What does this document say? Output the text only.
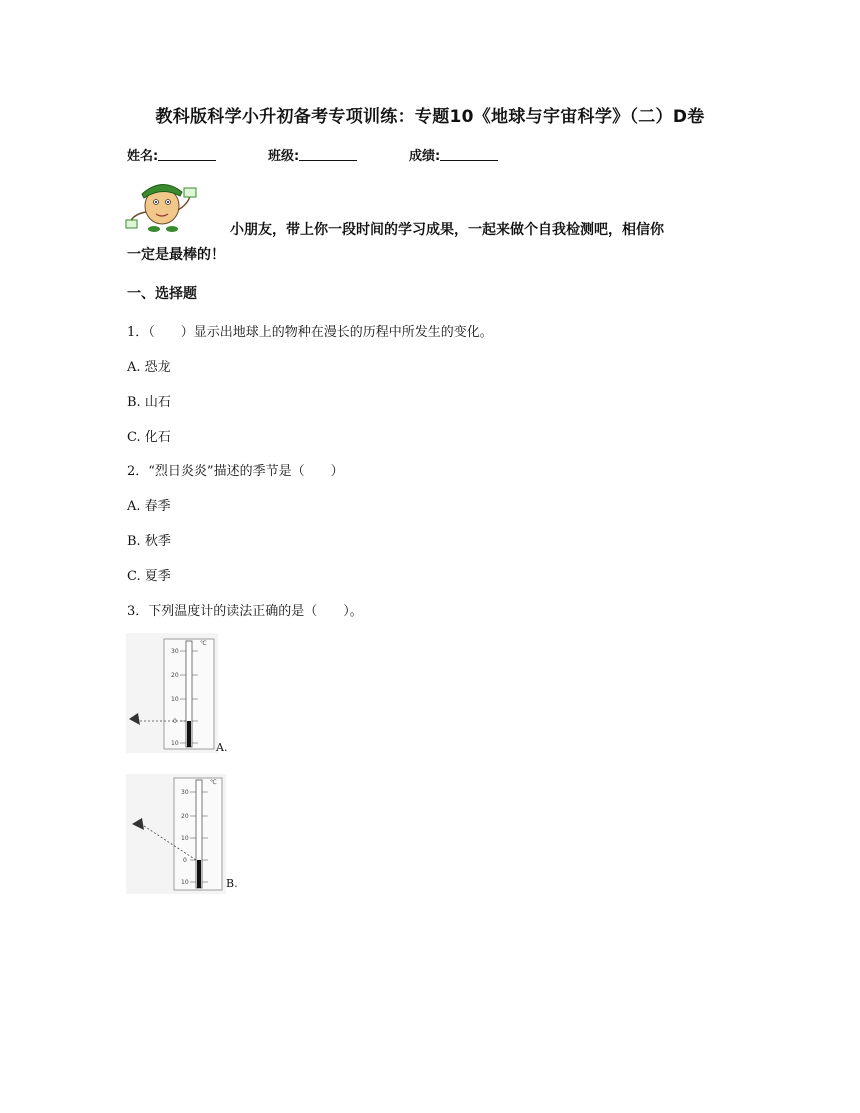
教科版科学小升初备考专项训练：专题10《地球与宇宙科学》（二）D卷
姓名:	班级:	成绩:
小朋友，带上你一段时间的学习成果，一起来做个自我检测吧，相信你
一定是最棒的！
一、选择题
1．（　　）显示出地球上的物种在漫长的历程中所发生的变化。
A. 恐龙
B. 山石
C. 化石
2．“烈日炎炎”描述的季节是（　　）
A. 春季
B. 秋季
C. 夏季
3．下列温度计的读法正确的是（　　）。
30
20
10
0
10
℃
A.
30
20
10
0
10
℃
B.
